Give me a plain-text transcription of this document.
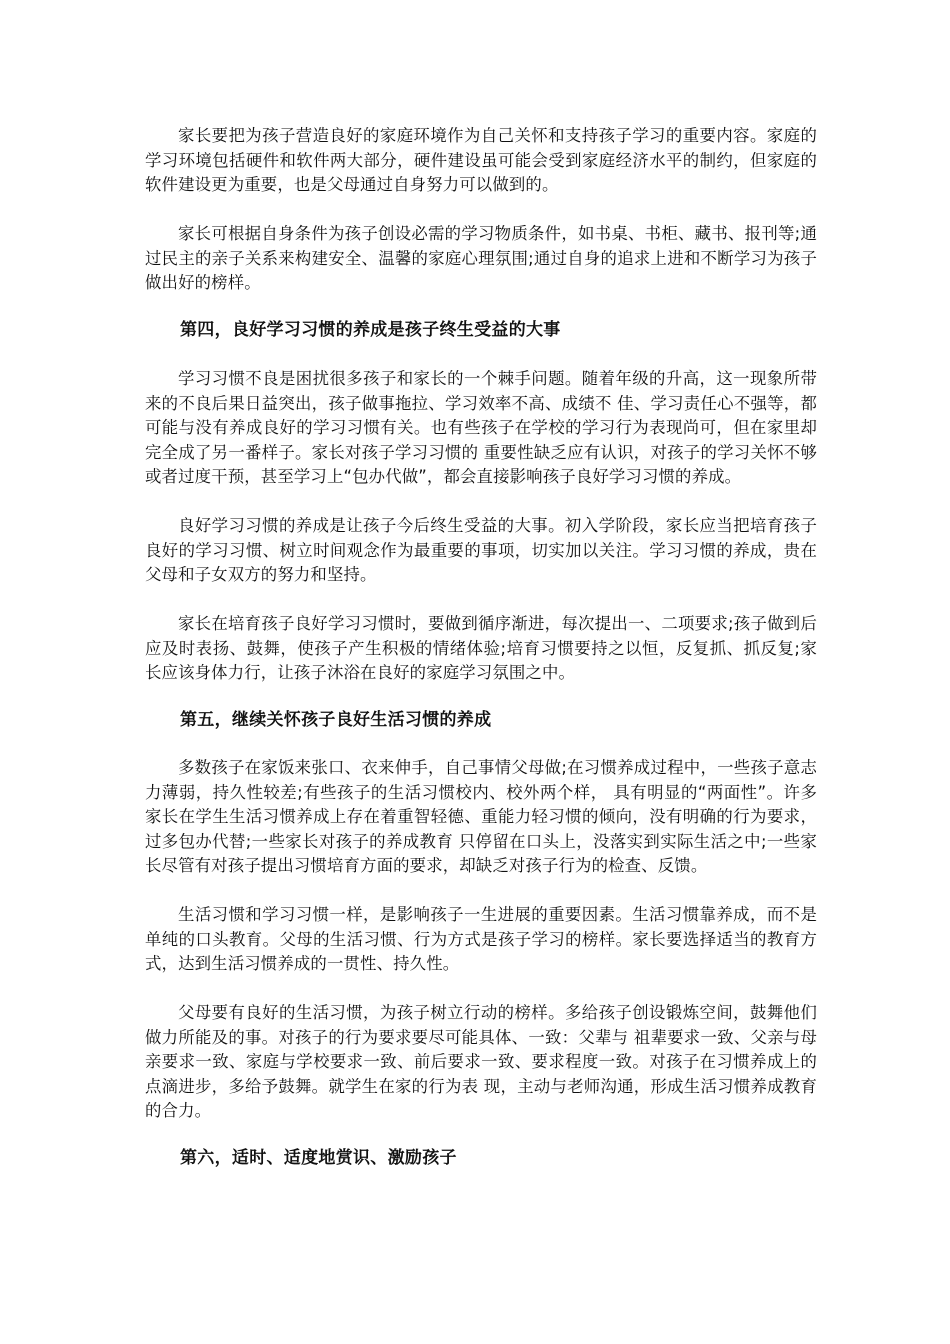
家长要把为孩子营造良好的家庭环境作为自己关怀和支持孩子学习的重要内容。家庭的学习环境包括硬件和软件两大部分，硬件建设虽可能会受到家庭经济水平的制约，但家庭的软件建设更为重要，也是父母通过自身努力可以做到的。

家长可根据自身条件为孩子创设必需的学习物质条件，如书桌、书柜、藏书、报刊等;通过民主的亲子关系来构建安全、温馨的家庭心理氛围;通过自身的追求上进和不断学习为孩子做出好的榜样。

第四，良好学习习惯的养成是孩子终生受益的大事

学习习惯不良是困扰很多孩子和家长的一个棘手问题。随着年级的升高，这一现象所带来的不良后果日益突出，孩子做事拖拉、学习效率不高、成绩不 佳、学习责任心不强等，都可能与没有养成良好的学习习惯有关。也有些孩子在学校的学习行为表现尚可，但在家里却完全成了另一番样子。家长对孩子学习习惯的 重要性缺乏应有认识，对孩子的学习关怀不够或者过度干预，甚至学习上“包办代做”，都会直接影响孩子良好学习习惯的养成。

良好学习习惯的养成是让孩子今后终生受益的大事。初入学阶段，家长应当把培育孩子良好的学习习惯、树立时间观念作为最重要的事项，切实加以关注。学习习惯的养成，贵在父母和子女双方的努力和坚持。

家长在培育孩子良好学习习惯时，要做到循序渐进，每次提出一、二项要求;孩子做到后应及时表扬、鼓舞，使孩子产生积极的情绪体验;培育习惯要持之以恒，反复抓、抓反复;家长应该身体力行，让孩子沐浴在良好的家庭学习氛围之中。

第五，继续关怀孩子良好生活习惯的养成

多数孩子在家饭来张口、衣来伸手，自己事情父母做;在习惯养成过程中，一些孩子意志力薄弱，持久性较差;有些孩子的生活习惯校内、校外两个样， 具有明显的“两面性”。许多家长在学生生活习惯养成上存在着重智轻德、重能力轻习惯的倾向，没有明确的行为要求，过多包办代替;一些家长对孩子的养成教育 只停留在口头上，没落实到实际生活之中;一些家长尽管有对孩子提出习惯培育方面的要求，却缺乏对孩子行为的检查、反馈。

生活习惯和学习习惯一样，是影响孩子一生进展的重要因素。生活习惯靠养成，而不是单纯的口头教育。父母的生活习惯、行为方式是孩子学习的榜样。家长要选择适当的教育方式，达到生活习惯养成的一贯性、持久性。

父母要有良好的生活习惯，为孩子树立行动的榜样。多给孩子创设锻炼空间，鼓舞他们做力所能及的事。对孩子的行为要求要尽可能具体、一致：父辈与 祖辈要求一致、父亲与母亲要求一致、家庭与学校要求一致、前后要求一致、要求程度一致。对孩子在习惯养成上的点滴进步，多给予鼓舞。就学生在家的行为表 现，主动与老师沟通，形成生活习惯养成教育的合力。

第六，适时、适度地赏识、激励孩子
